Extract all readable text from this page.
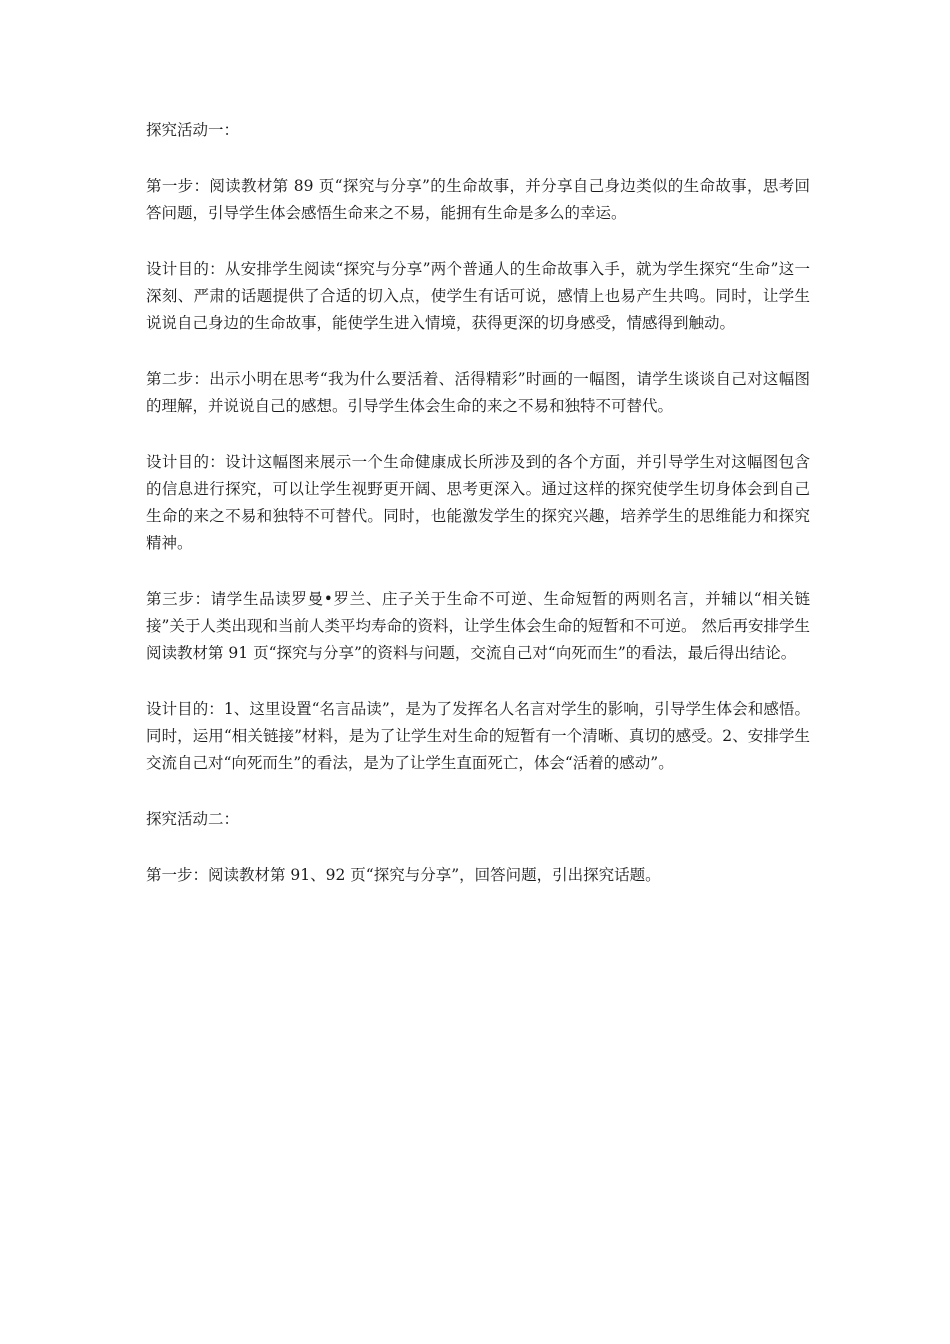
探究活动一：

第一步：阅读教材第 89 页“探究与分享”的生命故事，并分享自己身边类似的生命故事，思考回答问题，引导学生体会感悟生命来之不易，能拥有生命是多么的幸运。

设计目的：从安排学生阅读“探究与分享”两个普通人的生命故事入手，就为学生探究“生命”这一深刻、严肃的话题提供了合适的切入点，使学生有话可说，感情上也易产生共鸣。同时，让学生说说自己身边的生命故事，能使学生进入情境，获得更深的切身感受，情感得到触动。

第二步：出示小明在思考“我为什么要活着、活得精彩”时画的一幅图，请学生谈谈自己对这幅图的理解，并说说自己的感想。引导学生体会生命的来之不易和独特不可替代。

设计目的：设计这幅图来展示一个生命健康成长所涉及到的各个方面，并引导学生对这幅图包含的信息进行探究，可以让学生视野更开阔、思考更深入。通过这样的探究使学生切身体会到自己生命的来之不易和独特不可替代。同时，也能激发学生的探究兴趣，培养学生的思维能力和探究精神。

第三步：请学生品读罗曼•罗兰、庄子关于生命不可逆、生命短暂的两则名言，并辅以“相关链接”关于人类出现和当前人类平均寿命的资料，让学生体会生命的短暂和不可逆。 然后再安排学生阅读教材第 91 页“探究与分享”的资料与问题，交流自己对“向死而生”的看法，最后得出结论。

设计目的：1、这里设置“名言品读”，是为了发挥名人名言对学生的影响，引导学生体会和感悟。同时，运用“相关链接”材料，是为了让学生对生命的短暂有一个清晰、真切的感受。2、安排学生交流自己对“向死而生”的看法，是为了让学生直面死亡，体会“活着的感动”。

探究活动二：

第一步：阅读教材第 91、92 页“探究与分享”，回答问题，引出探究话题。
